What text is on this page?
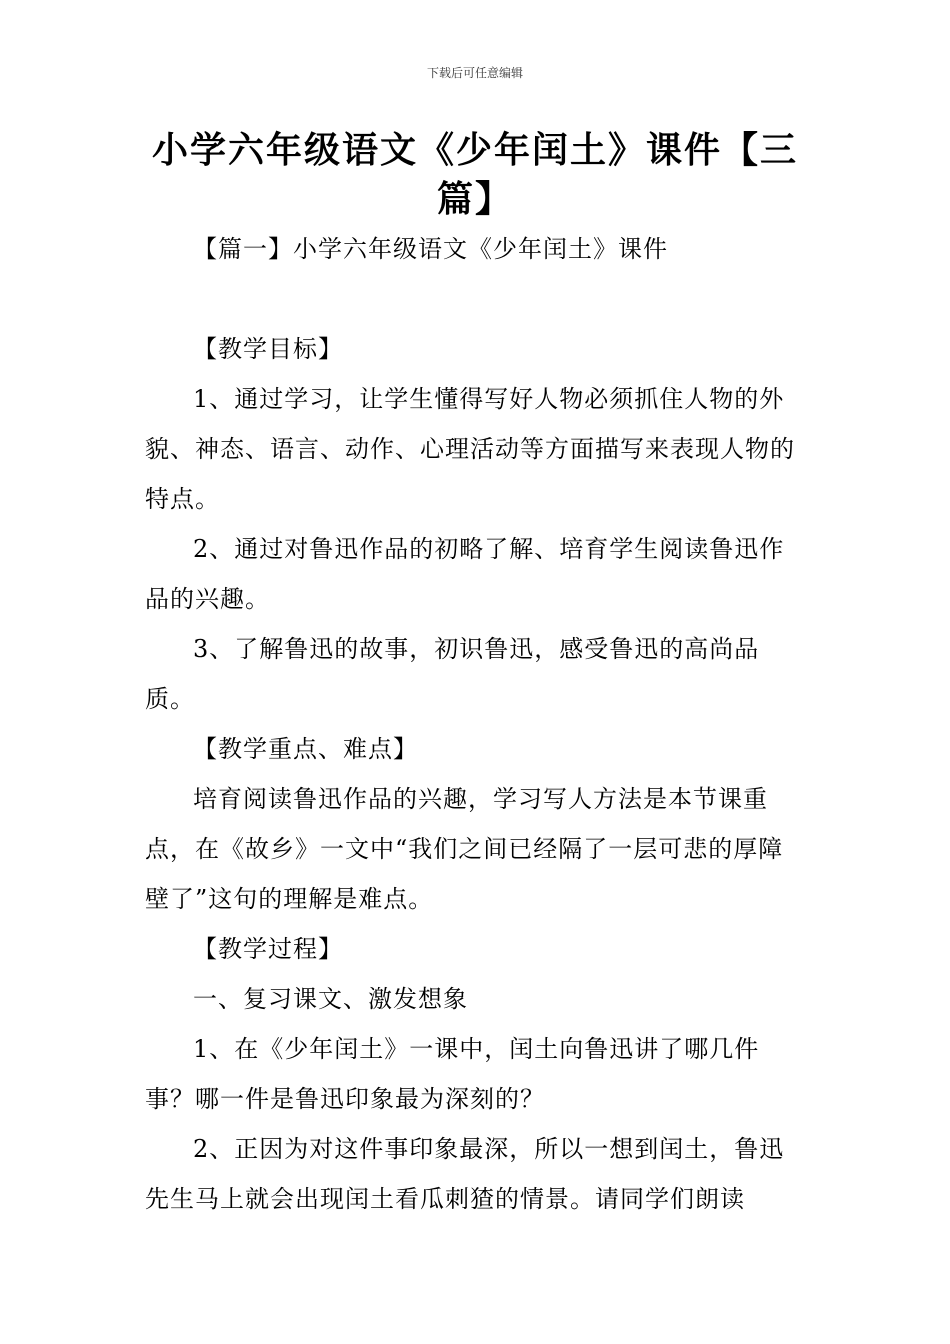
下载后可任意编辑
小学六年级语文《少年闰土》课件【三篇】

【篇一】小学六年级语文《少年闰土》课件

【教学目标】

1、通过学习，让学生懂得写好人物必须抓住人物的外貌、神态、语言、动作、心理活动等方面描写来表现人物的特点。

2、通过对鲁迅作品的初略了解、培育学生阅读鲁迅作品的兴趣。

3、了解鲁迅的故事，初识鲁迅，感受鲁迅的高尚品质。

【教学重点、难点】

培育阅读鲁迅作品的兴趣，学习写人方法是本节课重点，在《故乡》一文中“我们之间已经隔了一层可悲的厚障壁了”这句的理解是难点。

【教学过程】

一、复习课文、激发想象

1、在《少年闰土》一课中，闰土向鲁迅讲了哪几件事？哪一件是鲁迅印象最为深刻的？

2、正因为对这件事印象最深，所以一想到闰土，鲁迅先生马上就会出现闰土看瓜刺猹的情景。请同学们朗读
